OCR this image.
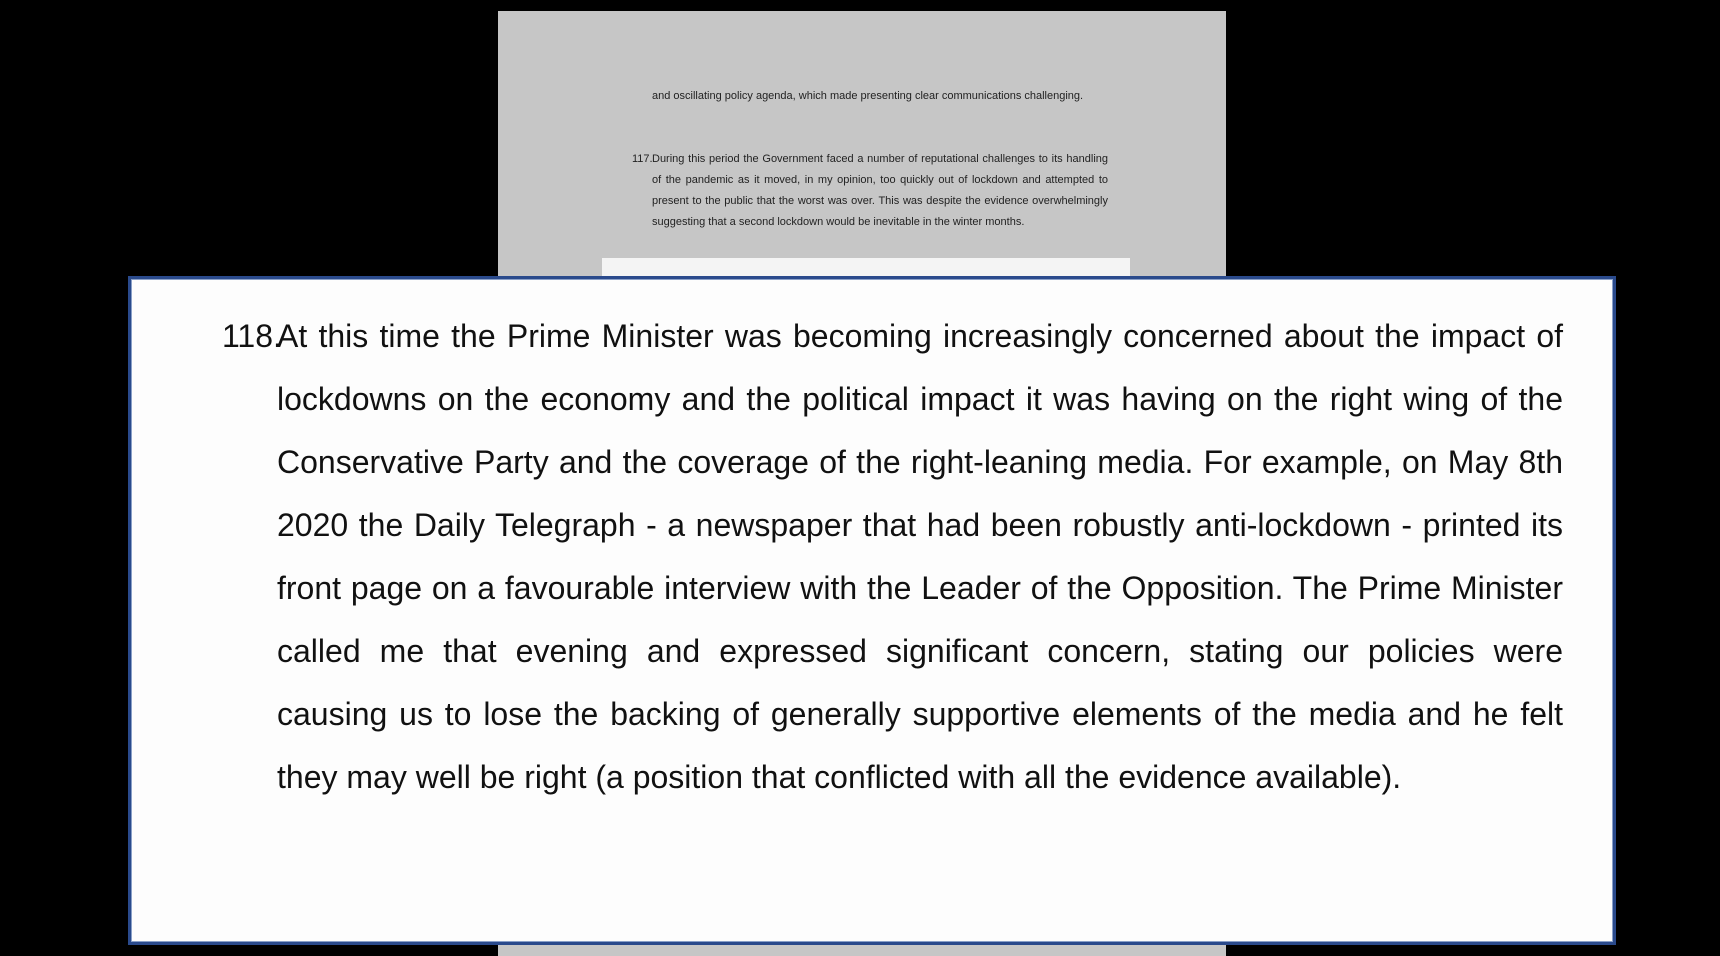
and oscillating policy agenda, which made presenting clear communications challenging.
117. During this period the Government faced a number of reputational challenges to its handling of the pandemic as it moved, in my opinion, too quickly out of lockdown and attempted to present to the public that the worst was over. This was despite the evidence overwhelmingly suggesting that a second lockdown would be inevitable in the winter months.
118.
At this time the Prime Minister was becoming increasingly concerned about the impact of lockdowns on the economy and the political impact it was having on the right wing of the Conservative Party and the coverage of the right-leaning media. For example, on May 8th 2020 the Daily Telegraph - a newspaper that had been robustly anti-lockdown - printed its front page on a favourable interview with the Leader of the Opposition. The Prime Minister called me that evening and expressed significant concern, stating our policies were causing us to lose the backing of generally supportive elements of the media and he felt they may well be right (a position that conflicted with all the evidence available).
